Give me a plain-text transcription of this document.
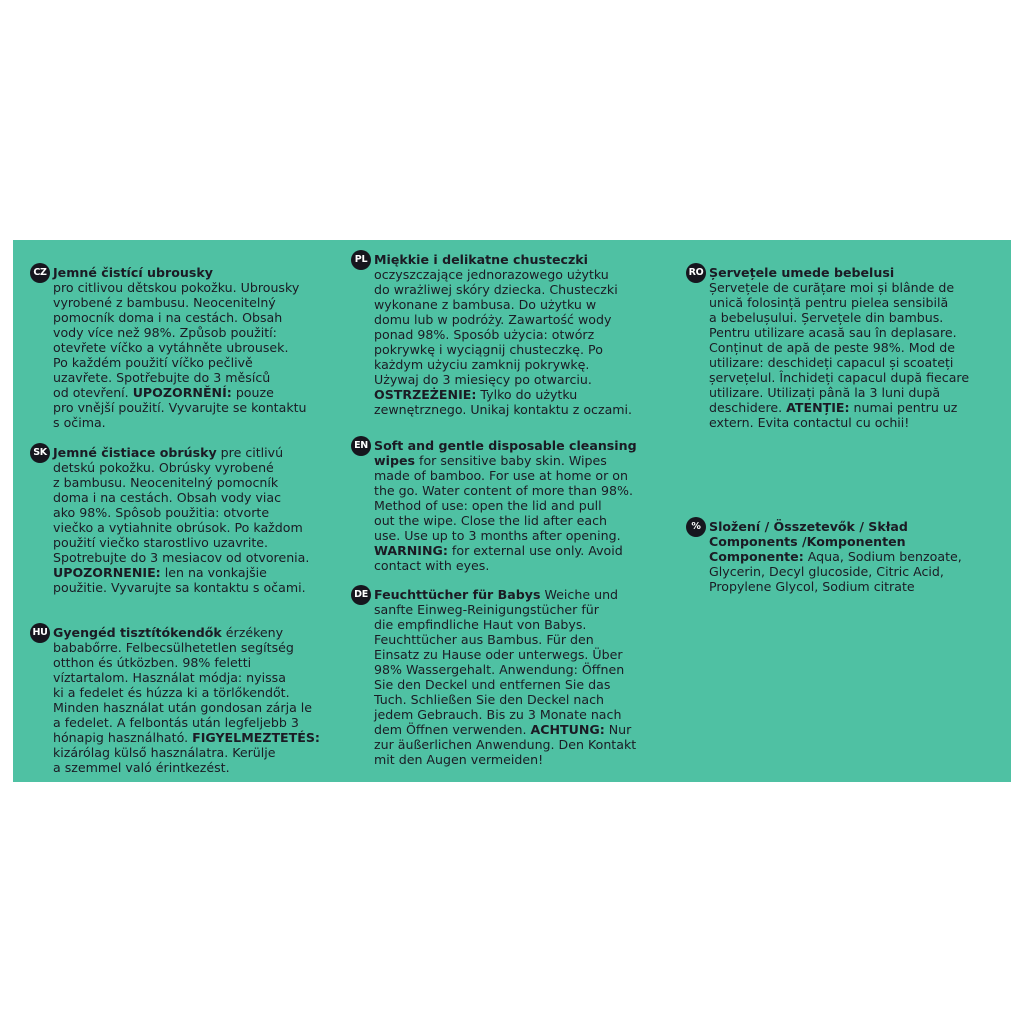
CZ Jemné čistící ubrousky
pro citlivou dětskou pokožku. Ubrousky
vyrobené z bambusu. Neocenitelný
pomocník doma i na cestách. Obsah
vody více než 98%. Způsob použití:
otevřete víčko a vytáhněte ubrousek.
Po každém použití víčko pečlivě
uzavřete. Spotřebujte do 3 měsíců
od otevření. UPOZORNĚNÍ: pouze
pro vnější použití. Vyvarujte se kontaktu
s očima.
SK Jemné čistiace obrúsky pre citlivú
detskú pokožku. Obrúsky vyrobené
z bambusu. Neocenitelný pomocník
doma i na cestách. Obsah vody viac
ako 98%. Spôsob použitia: otvorte
viečko a vytiahnite obrúsok. Po každom
použití viečko starostlivo uzavrite.
Spotrebujte do 3 mesiacov od otvorenia.
UPOZORNENIE: len na vonkajšie
použitie. Vyvarujte sa kontaktu s očami.
HU Gyengéd tisztítókendők érzékeny
bababőrre. Felbecsülhetetlen segítség
otthon és útközben. 98% feletti
víztartalom. Használat módja: nyissa
ki a fedelet és húzza ki a törlőkendőt.
Minden használat után gondosan zárja le
a fedelet. A felbontás után legfeljebb 3
hónapig használható. FIGYELMEZTETÉS:
kizárólag külső használatra. Kerülje
a szemmel való érintkezést.
PL Miękkie i delikatne chusteczki
oczyszczające jednorazowego użytku
do wrażliwej skóry dziecka. Chusteczki
wykonane z bambusa. Do użytku w
domu lub w podróży. Zawartość wody
ponad 98%. Sposób użycia: otwórz
pokrywkę i wyciągnij chusteczkę. Po
każdym użyciu zamknij pokrywkę.
Używaj do 3 miesięcy po otwarciu.
OSTRZEŻENIE: Tylko do użytku
zewnętrznego. Unikaj kontaktu z oczami.
EN Soft and gentle disposable cleansing
wipes for sensitive baby skin. Wipes
made of bamboo. For use at home or on
the go. Water content of more than 98%.
Method of use: open the lid and pull
out the wipe. Close the lid after each
use. Use up to 3 months after opening.
WARNING: for external use only. Avoid
contact with eyes.
DE Feuchttücher für Babys Weiche und
sanfte Einweg-Reinigungstücher für
die empfindliche Haut von Babys.
Feuchttücher aus Bambus. Für den
Einsatz zu Hause oder unterwegs. Über
98% Wassergehalt. Anwendung: Öffnen
Sie den Deckel und entfernen Sie das
Tuch. Schließen Sie den Deckel nach
jedem Gebrauch. Bis zu 3 Monate nach
dem Öffnen verwenden. ACHTUNG: Nur
zur äußerlichen Anwendung. Den Kontakt
mit den Augen vermeiden!
RO Șervețele umede bebelusi
Șervețele de curățare moi și blânde de
unică folosință pentru pielea sensibilă
a bebelușului. Șervețele din bambus.
Pentru utilizare acasă sau în deplasare.
Conținut de apă de peste 98%. Mod de
utilizare: deschideți capacul și scoateți
șervețelul. Închideți capacul după fiecare
utilizare. Utilizați până la 3 luni după
deschidere. ATENȚIE: numai pentru uz
extern. Evita contactul cu ochii!
% Složení / Összetevők / Skład
Components /Komponenten
Componente: Aqua, Sodium benzoate,
Glycerin, Decyl glucoside, Citric Acid,
Propylene Glycol, Sodium citrate
